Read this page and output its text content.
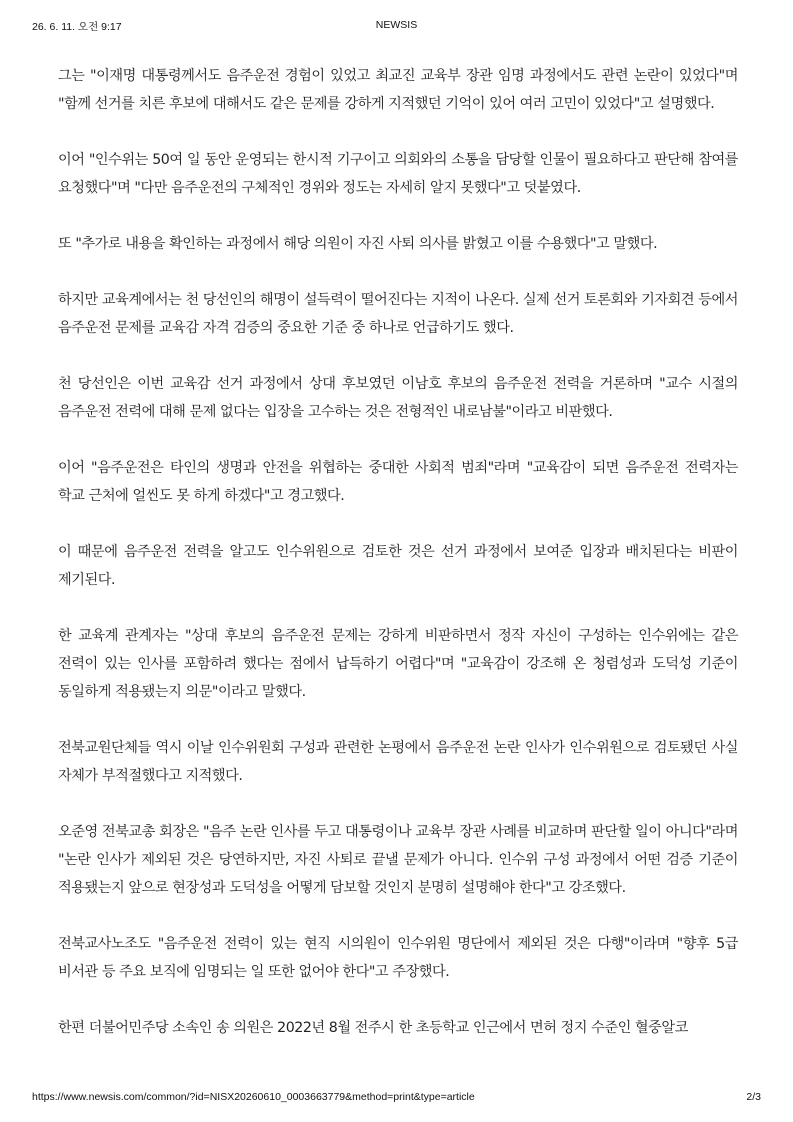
26. 6. 11. 오전 9:17	NEWSIS

그는 "이재명 대통령께서도 음주운전 경험이 있었고 최교진 교육부 장관 임명 과정에서도 관련 논란이 있었다"며 "함께 선거를 치른 후보에 대해서도 같은 문제를 강하게 지적했던 기억이 있어 여러 고민이 있었다"고 설명했다.

이어 "인수위는 50여 일 동안 운영되는 한시적 기구이고 의회와의 소통을 담당할 인물이 필요하다고 판단해 참여를 요청했다"며 "다만 음주운전의 구체적인 경위와 정도는 자세히 알지 못했다"고 덧붙였다.

또 "추가로 내용을 확인하는 과정에서 해당 의원이 자진 사퇴 의사를 밝혔고 이를 수용했다"고 말했다.

하지만 교육계에서는 천 당선인의 해명이 설득력이 떨어진다는 지적이 나온다. 실제 선거 토론회와 기자회견 등에서 음주운전 문제를 교육감 자격 검증의 중요한 기준 중 하나로 언급하기도 했다.

천 당선인은 이번 교육감 선거 과정에서 상대 후보였던 이남호 후보의 음주운전 전력을 거론하며 "교수 시절의 음주운전 전력에 대해 문제 없다는 입장을 고수하는 것은 전형적인 내로남불"이라고 비판했다.

이어 "음주운전은 타인의 생명과 안전을 위협하는 중대한 사회적 범죄"라며 "교육감이 되면 음주운전 전력자는 학교 근처에 얼씬도 못 하게 하겠다"고 경고했다.

이 때문에 음주운전 전력을 알고도 인수위원으로 검토한 것은 선거 과정에서 보여준 입장과 배치된다는 비판이 제기된다.

한 교육계 관계자는 "상대 후보의 음주운전 문제는 강하게 비판하면서 정작 자신이 구성하는 인수위에는 같은 전력이 있는 인사를 포함하려 했다는 점에서 납득하기 어렵다"며 "교육감이 강조해 온 청렴성과 도덕성 기준이 동일하게 적용됐는지 의문"이라고 말했다.

전북교원단체들 역시 이날 인수위원회 구성과 관련한 논평에서 음주운전 논란 인사가 인수위원으로 검토됐던 사실 자체가 부적절했다고 지적했다.

오준영 전북교총 회장은 "음주 논란 인사를 두고 대통령이나 교육부 장관 사례를 비교하며 판단할 일이 아니다"라며 "논란 인사가 제외된 것은 당연하지만, 자진 사퇴로 끝낼 문제가 아니다. 인수위 구성 과정에서 어떤 검증 기준이 적용됐는지 앞으로 현장성과 도덕성을 어떻게 담보할 것인지 분명히 설명해야 한다"고 강조했다.

전북교사노조도 "음주운전 전력이 있는 현직 시의원이 인수위원 명단에서 제외된 것은 다행"이라며 "향후 5급 비서관 등 주요 보직에 임명되는 일 또한 없어야 한다"고 주장했다.

한편 더불어민주당 소속인 송 의원은 2022년 8월 전주시 한 초등학교 인근에서 면허 정지 수준인 혈중알코

https://www.newsis.com/common/?id=NISX20260610_0003663779&method=print&type=article	2/3
